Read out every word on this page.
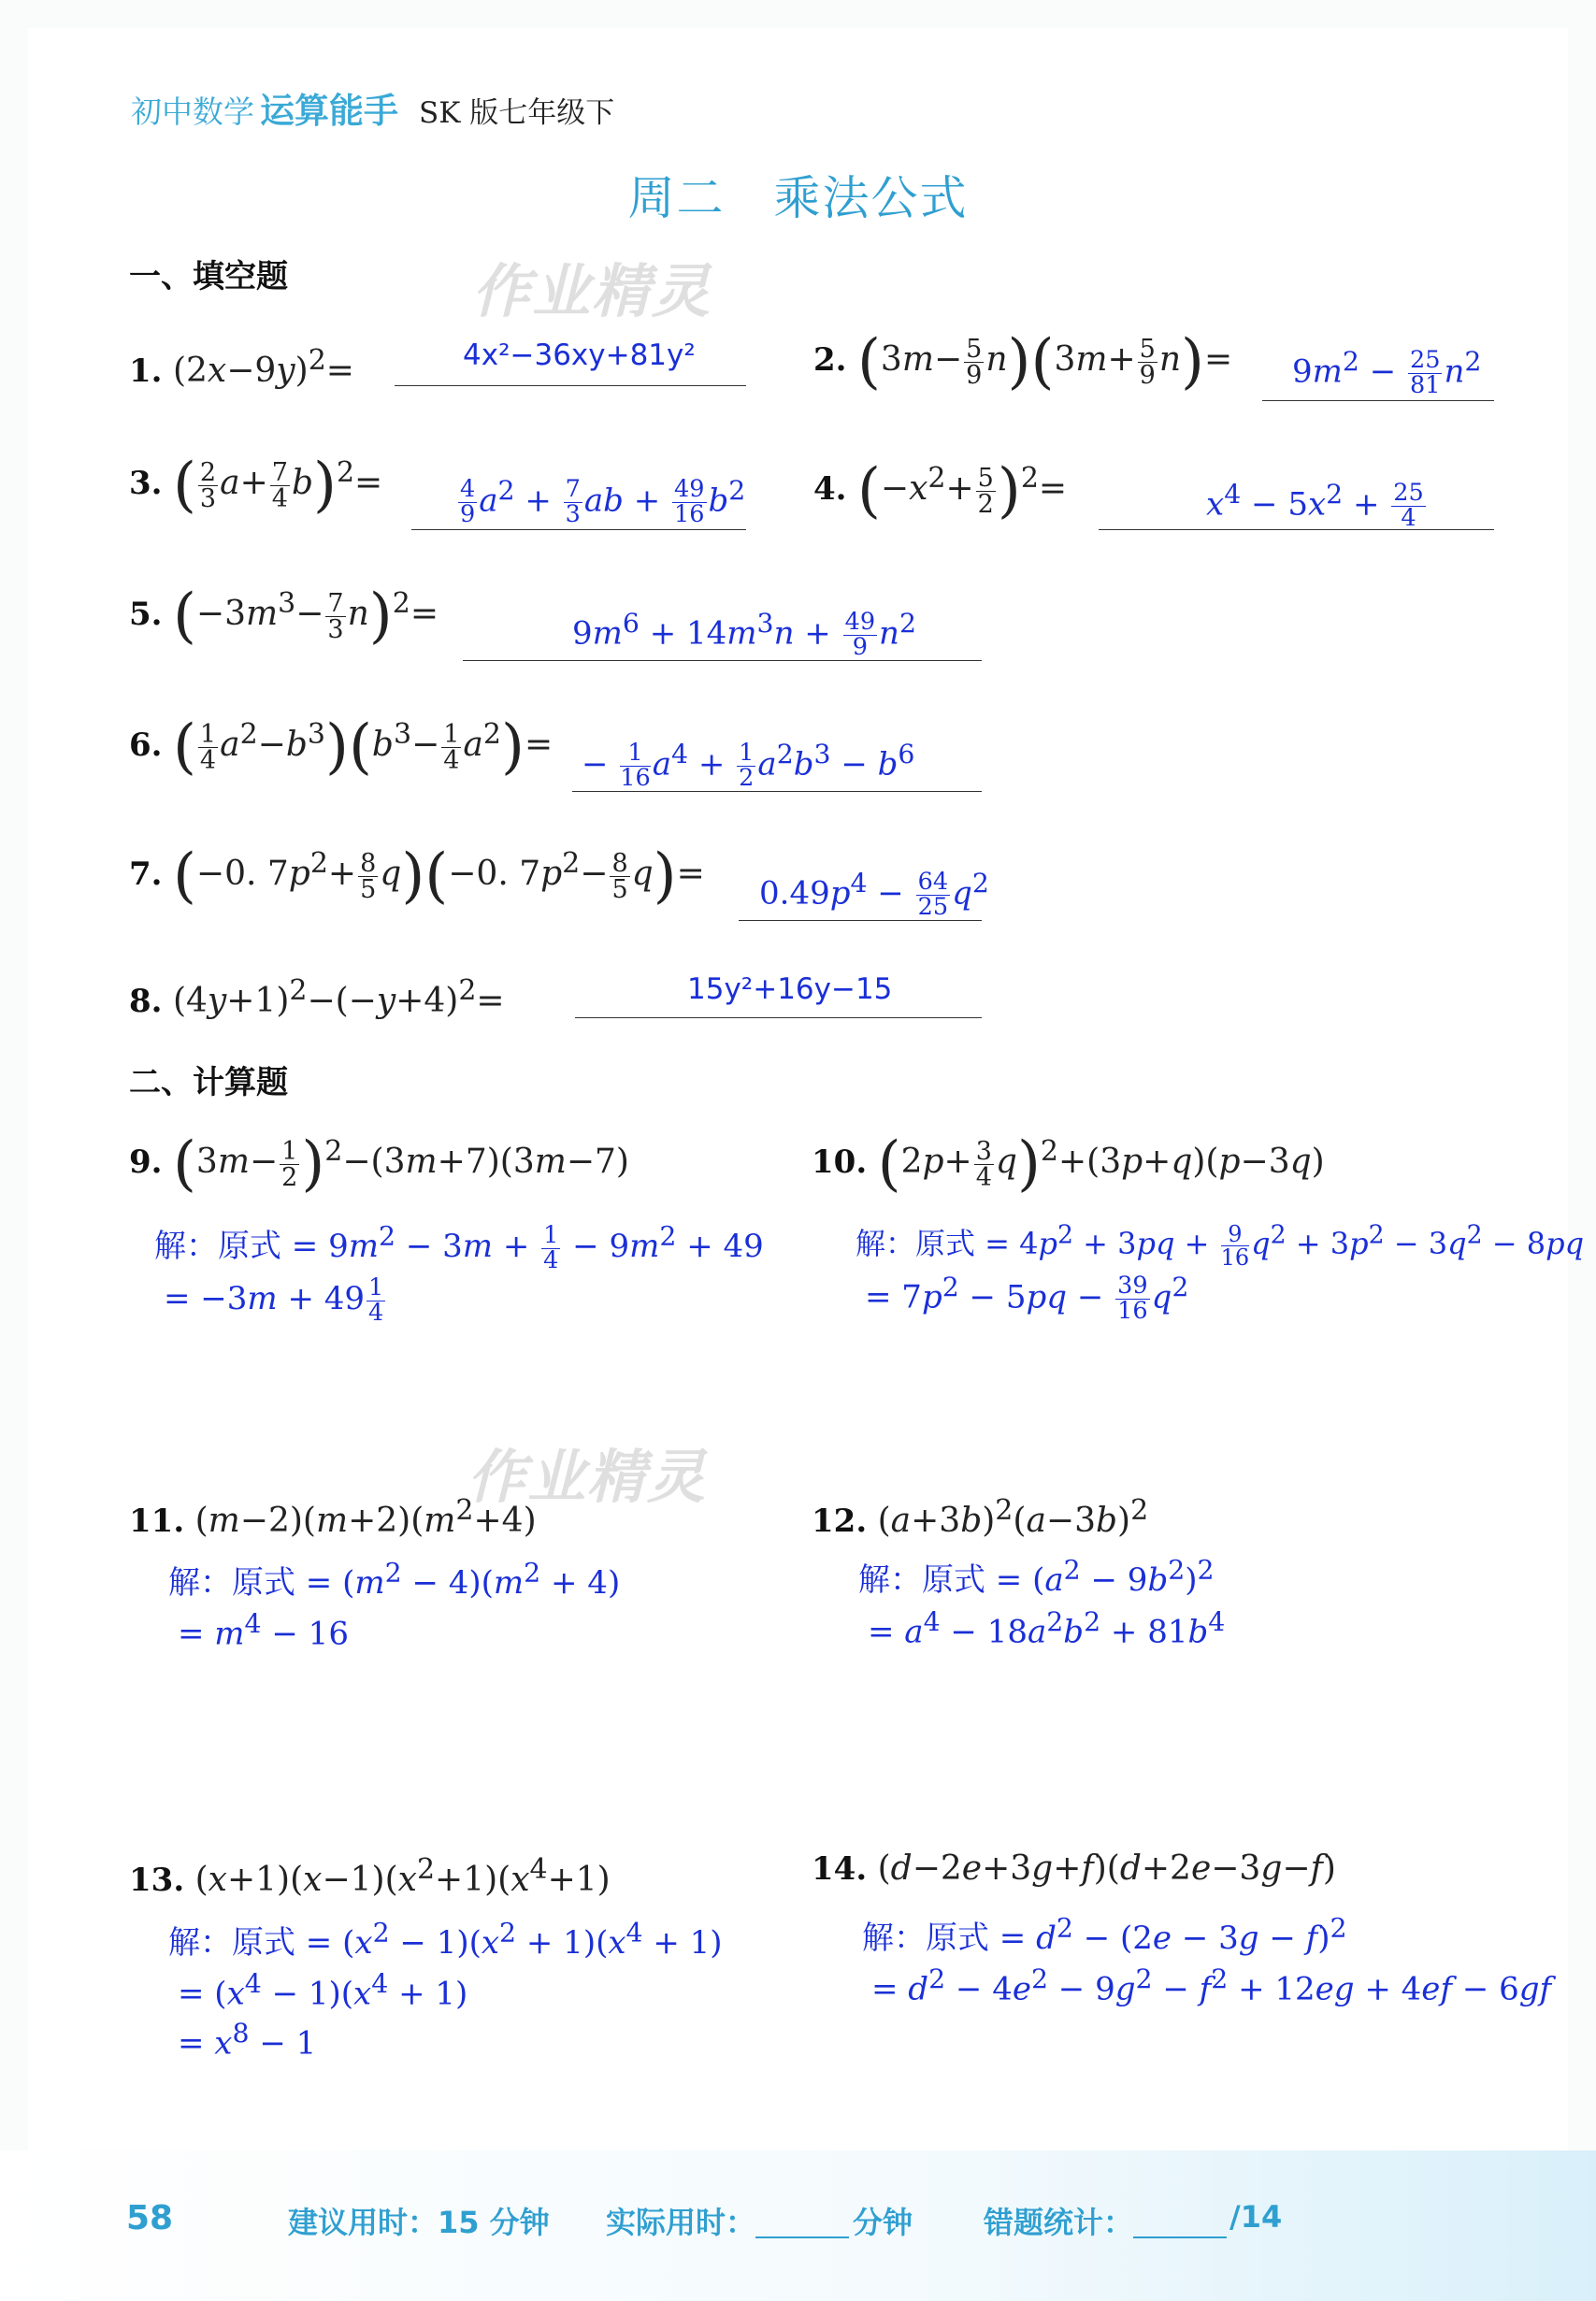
初中数学 运算能手 SK 版七年级下
周二　乘法公式
作业精灵
作业精灵
一、填空题
1. $(2x-9y)^2=$	4x²−36xy+81y²	2. $(3m- \frac{5}{9} n)(3m+ \frac{5}{9} n)= 9m^2 - \frac{25}{81} n^2$
3. ( $\frac{2}{3} a+ \frac{7}{4} b)^2=$	$\frac{4}{9} a^2 + \frac{7}{3}$ ab + $\frac{49}{16} b^2$ 4. $(-x^2+ \frac{5}{2} )^2=$	$x^4 - 5x^2 + \frac{25}{4}$
5. $(-3m^3- \frac{7}{3} n)^2=$
$9m^6 + 14m^3n + \frac{49}{9} n^2$
6. ( $\frac{1}{4} a^2-b^3)(b^3- \frac{1}{4} a^2)=$
− $\frac{1}{16} a^4 + \frac{1}{2} a^2b^3 - b^6$
7. (−0. $7p^2+ \frac{8}{5} q)(-0$. $7p^2- \frac{8}{5} q)=$
$0.49p^4 - \frac{64}{25} q^2$
8. $(4y+1)^2-(-y+4)^2=$	15y²+16y−15
二、计算题
9. $(3m- \frac{1}{2} )^2-(3m+7)(3m-7)$
解：原式 = $9m^2 - 3m + \frac{1}{4} - 9m^2 + 49$
= $-3m + 49 \frac{1}{4}$
10. $(2p+ \frac{3}{4} q)^2+(3p+q)(p-3q)$
解：原式 = $4p^2 + 3pq + \frac{9}{16} q^2 + 3p^2 - 3q^2 - 8pq$
= $7p^2 - 5pq - \frac{39}{16} q^2$
11. $(m-2)(m+2)(m^2+4)$
解：原式 = $(m^2 - 4)(m^2 + 4)$
= $m^4 - 16$
12. $(a+3b)^2(a-3b)^2$
解：原式 = $(a^2 - 9b^2)^2$
= $a^4 - 18a^2b^2 + 81b^4$
13. $(x+1)(x-1)(x^2+1)(x^4+1)$
解：原式 = $(x^2 - 1)(x^2 + 1)(x^4 + 1)$
= $(x^4 - 1)(x^4 + 1)$
= $x^8 - 1$
14. (d−2e+3g+f)(d+2e−3g−f)
解：原式 = $d^2 - (2e - 3g - f)^2$
= $d^2 - 4e^2 - 9g^2 - f^2 + 12eg + 4ef - 6gf$
58	建议用时：15 分钟 实际用时：	分钟 错题统计：	/14
